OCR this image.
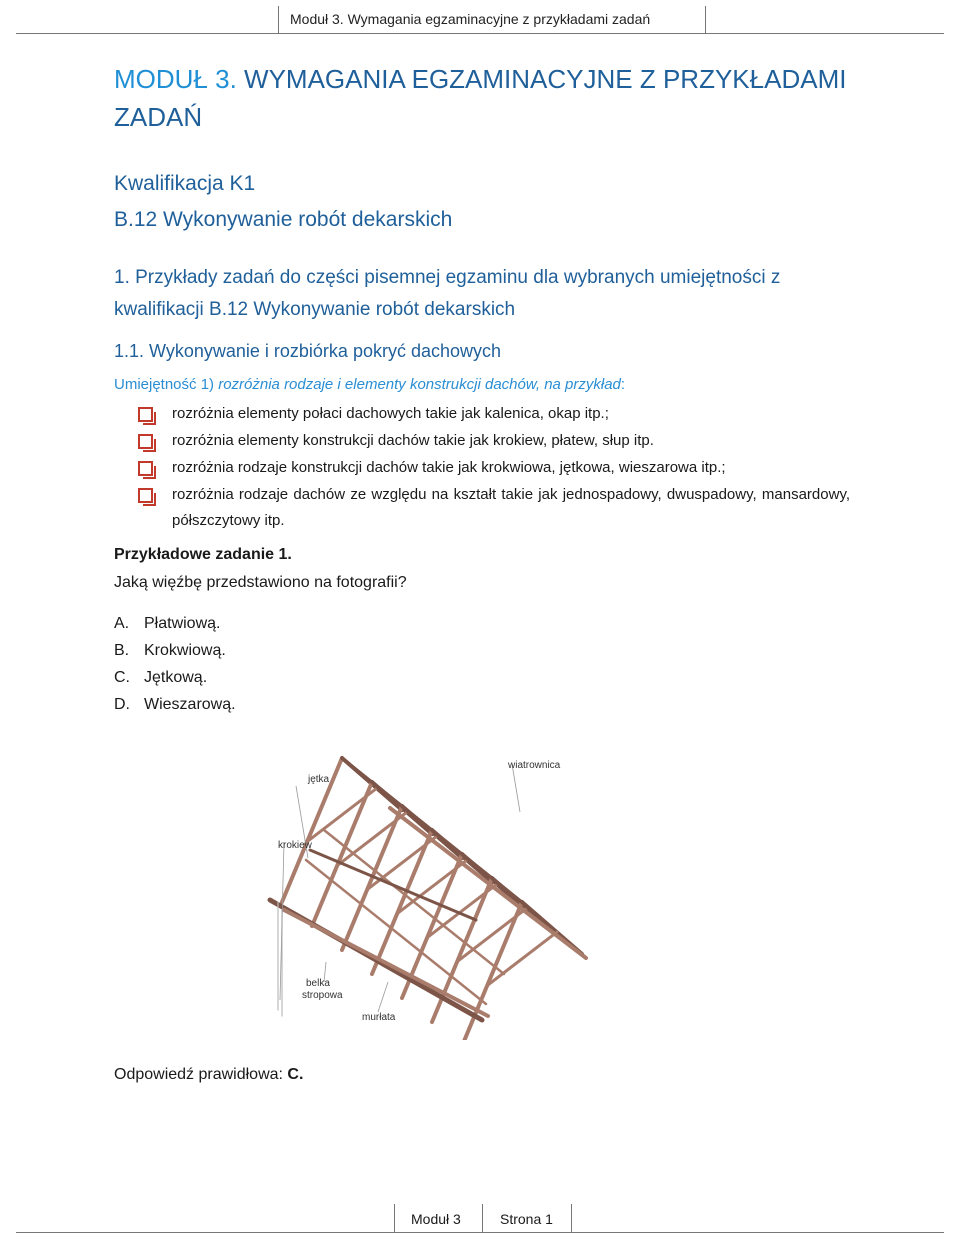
Moduł 3. Wymagania egzaminacyjne z przykładami zadań
MODUŁ 3. WYMAGANIA EGZAMINACYJNE Z PRZYKŁADAMI ZADAŃ
Kwalifikacja K1
B.12 Wykonywanie robót dekarskich
1. Przykłady zadań do części pisemnej egzaminu dla wybranych umiejętności z kwalifikacji B.12 Wykonywanie robót dekarskich
1.1. Wykonywanie i rozbiórka pokryć dachowych
Umiejętność 1) rozróżnia rodzaje i elementy konstrukcji dachów, na przykład:
rozróżnia elementy połaci dachowych takie jak kalenica, okap itp.;
rozróżnia elementy konstrukcji dachów takie jak krokiew, płatew, słup itp.
rozróżnia rodzaje konstrukcji dachów takie jak krokwiowa, jętkowa, wieszarowa itp.;
rozróżnia rodzaje dachów ze względu na kształt takie jak jednospadowy, dwuspadowy, mansardowy, półszczytowy itp.
Przykładowe zadanie 1.
Jaką więźbę przedstawiono na fotografii?
A. Płatwiową.
B. Krokwiową.
C. Jętkową.
D. Wieszarową.
jętka
wiatrownica
krokiew
belka
stropowa
murłata
Odpowiedź prawidłowa: C.
Moduł 3	Strona 1
